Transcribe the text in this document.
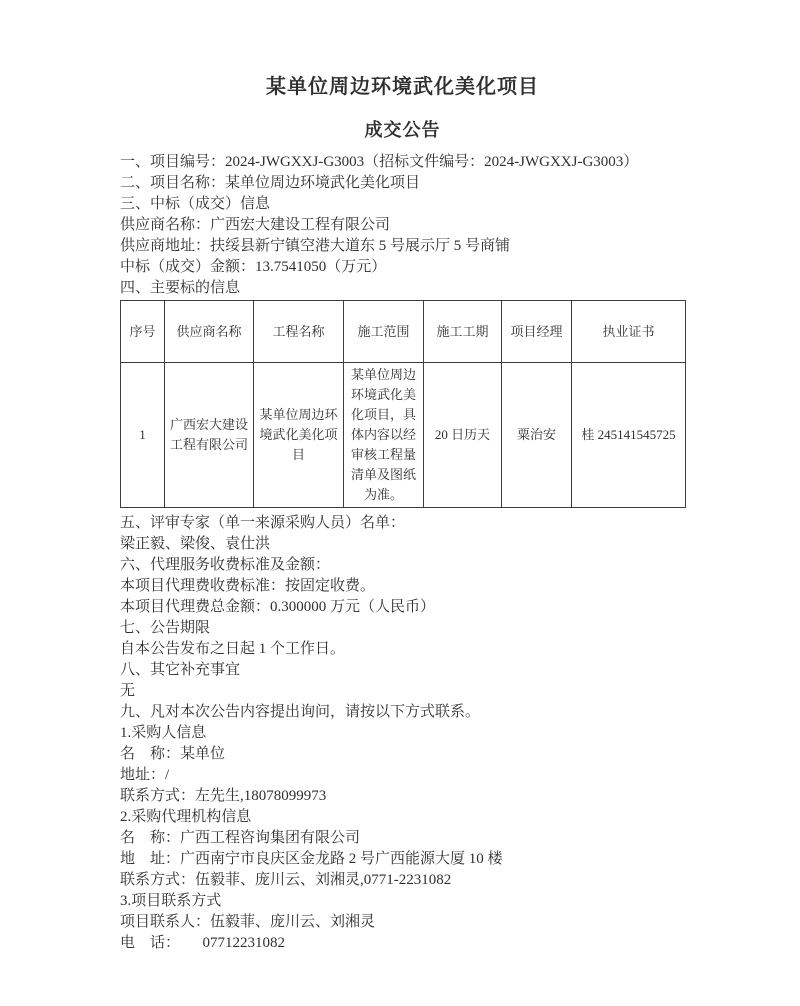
某单位周边环境武化美化项目
成交公告

一、项目编号：2024-JWGXXJ-G3003（招标文件编号：2024-JWGXXJ-G3003）

二、项目名称：某单位周边环境武化美化项目

三、中标（成交）信息

供应商名称：广西宏大建设工程有限公司

供应商地址：扶绥县新宁镇空港大道东 5 号展示厅 5 号商铺

中标（成交）金额：13.7541050（万元）

四、主要标的信息

序号	供应商名称	工程名称	施工范围	施工工期	项目经理	执业证书
1	广西宏大建设工程有限公司	某单位周边环境武化美化项目	某单位周边环境武化美化项目，具体内容以经审核工程量清单及图纸为准。	20 日历天	粟治安	桂 245141545725

五、评审专家（单一来源采购人员）名单：

梁正毅、梁俊、袁仕洪

六、代理服务收费标准及金额：

本项目代理费收费标准：按固定收费。

本项目代理费总金额：0.300000 万元（人民币）

七、公告期限

自本公告发布之日起 1 个工作日。

八、其它补充事宜

无

九、凡对本次公告内容提出询问，请按以下方式联系。

1.采购人信息

名　称：某单位

地址：/

联系方式：左先生,18078099973

2.采购代理机构信息

名　称：广西工程咨询集团有限公司

地　址：广西南宁市良庆区金龙路 2 号广西能源大厦 10 楼

联系方式：伍毅菲、庞川云、刘湘灵,0771-2231082

3.项目联系方式

项目联系人：伍毅菲、庞川云、刘湘灵

电　话：　　07712231082
